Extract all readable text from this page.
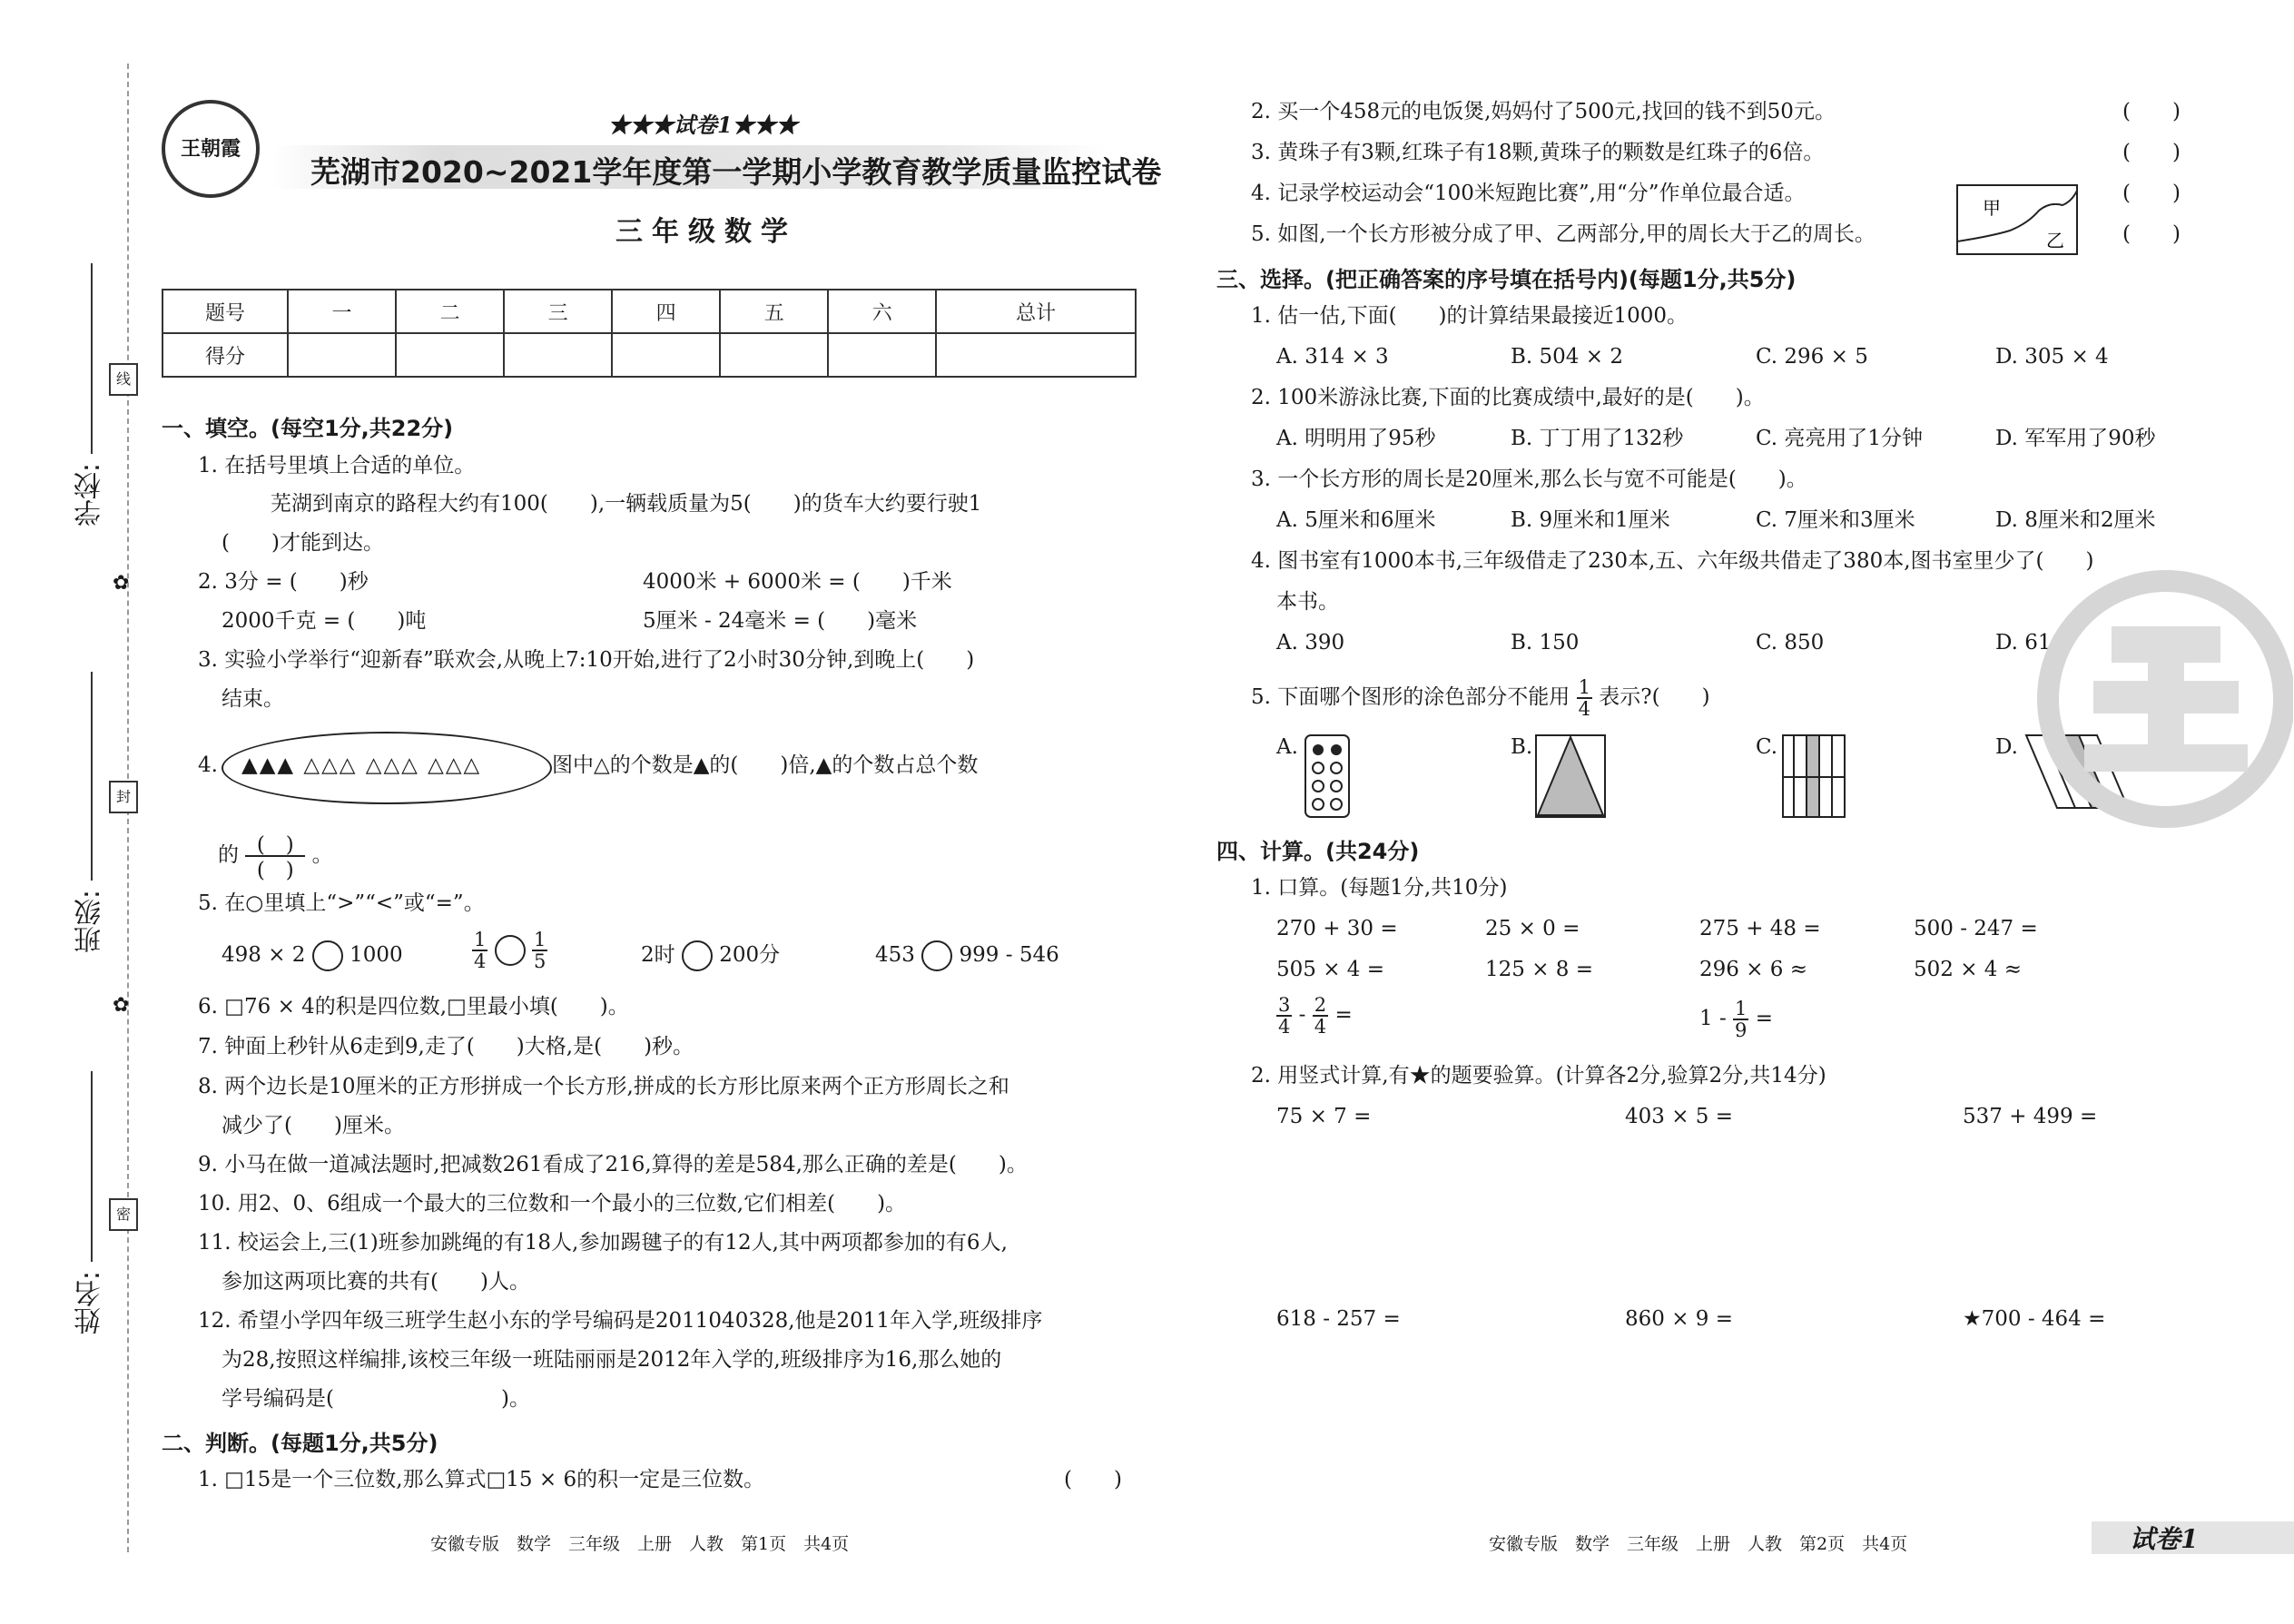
学校:
线
✿
班级:
封
✿
姓名:
密
王朝霞
★★★试卷1★★★
芜湖市2020~2021学年度第一学期小学教育教学质量监控试卷
三年级数学
题号	一	二	三	四	五	六	总计
得分							
一、填空。(每空1分,共22分)
1. 在括号里填上合适的单位。
芜湖到南京的路程大约有100(　　),一辆载质量为5(　　)的货车大约要行驶1
(　　)才能到达。
2. 3分 = (　　)秒	4000米 + 6000米 = (　　)千米
2000千克 = (　　)吨	5厘米 - 24毫米 = (　　)毫米
3. 实验小学举行“迎新春”联欢会,从晚上7:10开始,进行了2小时30分钟,到晚上(　　)
结束。
4. ▲▲▲ △△△ △△△ △△△	图中△的个数是▲的(　　)倍,▲的个数占总个数
的 (　)
(　)
。
5. 在○里填上“>”“<”或“=”。
498 × 2 1000	$\frac{1}{4}$
$\frac{1}{5}$	2时 200分	453 999 - 546
6. □76 × 4的积是四位数,□里最小填(　　)。
7. 钟面上秒针从6走到9,走了(　　)大格,是(　　)秒。
8. 两个边长是10厘米的正方形拼成一个长方形,拼成的长方形比原来两个正方形周长之和
减少了(　　)厘米。
9. 小马在做一道减法题时,把减数261看成了216,算得的差是584,那么正确的差是(　　)。
10. 用2、0、6组成一个最大的三位数和一个最小的三位数,它们相差(　　)。
11. 校运会上,三(1)班参加跳绳的有18人,参加踢毽子的有12人,其中两项都参加的有6人,
参加这两项比赛的共有(　　)人。
12. 希望小学四年级三班学生赵小东的学号编码是2011040328,他是2011年入学,班级排序
为28,按照这样编排,该校三年级一班陆丽丽是2012年入学的,班级排序为16,那么她的
学号编码是(　　　　　　　　)。
二、判断。(每题1分,共5分)
1. □15是一个三位数,那么算式□15 × 6的积一定是三位数。	(　　)
2. 买一个458元的电饭煲,妈妈付了500元,找回的钱不到50元。	(　　)
3. 黄珠子有3颗,红珠子有18颗,黄珠子的颗数是红珠子的6倍。	(　　)
4. 记录学校运动会“100米短跑比赛”,用“分”作单位最合适。	(　　)
5. 如图,一个长方形被分成了甲、乙两部分,甲的周长大于乙的周长。	(　　)
甲
乙
三、选择。(把正确答案的序号填在括号内)(每题1分,共5分)
1. 估一估,下面(　　)的计算结果最接近1000。
A. 314 × 3	B. 504 × 2	C. 296 × 5	D. 305 × 4
2. 100米游泳比赛,下面的比赛成绩中,最好的是(　　)。
A. 明明用了95秒	B. 丁丁用了132秒	C. 亮亮用了1分钟	D. 军军用了90秒
3. 一个长方形的周长是20厘米,那么长与宽不可能是(　　)。
A. 5厘米和6厘米	B. 9厘米和1厘米	C. 7厘米和3厘米	D. 8厘米和2厘米
4. 图书室有1000本书,三年级借走了230本,五、六年级共借走了380本,图书室里少了(　　)
本书。
A. 390	B. 150	C. 850	D. 610
5. 下面哪个图形的涂色部分不能用 $\frac{1}{4}$ 表示?(　　)
A.	B.	C.	D.
四、计算。(共24分)
1. 口算。(每题1分,共10分)
270 + 30 =	25 × 0 =	275 + 48 =	500 - 247 =
505 × 4 =	125 × 8 =	296 × 6 ≈	502 × 4 ≈
$\frac{3}{4} - \frac{2}{4}$ =	$1 - \frac{1}{9}$ =
2. 用竖式计算,有★的题要验算。(计算各2分,验算2分,共14分)
75 × 7 =	403 × 5 =	537 + 499 =
618 - 257 =	860 × 9 =	★700 - 464 =
安徽专版　数学　三年级　上册　人教　第1页　共4页	安徽专版　数学　三年级　上册　人教　第2页　共4页	试卷1
